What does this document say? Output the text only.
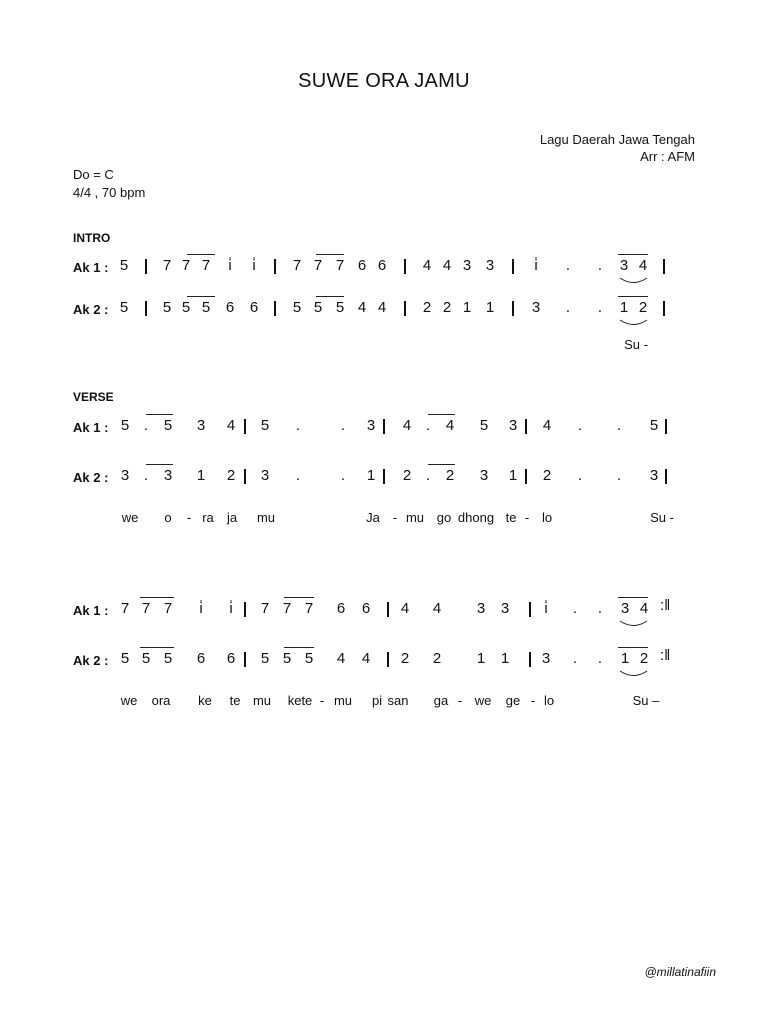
SUWE ORA JAMU
Lagu Daerah Jawa Tengah
Arr : AFM
Do = C
4/4 , 70 bpm
INTRO
VERSE
@millatinafiin
Ak 1 : 5 7 7 7 i̇ i̇ 7 7 7 6 6 4 4 3 3	i̇ . . 3 4
Ak 2 : 5 5 5 5 6 6 5 5 5 4 4 2 2 1 1	3 . . 1 2
Su -
Ak 1 : 5 . 5 3 4 5 .	. 3 4 . 4 5 3 4 . . 5
Ak 2 : 3 . 3 1 2 3 .	. 1 2 . 2 3 1 2 . . 3
we o - ra ja mu	Ja - mu go dhong te - lo	Su -
Ak 1 : 7 7 7 i̇ i̇ 7 7 7 6 6 4 4 3 3 i̇ . . 3 4 :‖
Ak 2 : 5 5 5 6 6 5 5 5 4 4 2 2 1 1 3 . . 1 2 :‖
we ora ke te mu kete - mu pi san ga - we ge - lo	Su –
